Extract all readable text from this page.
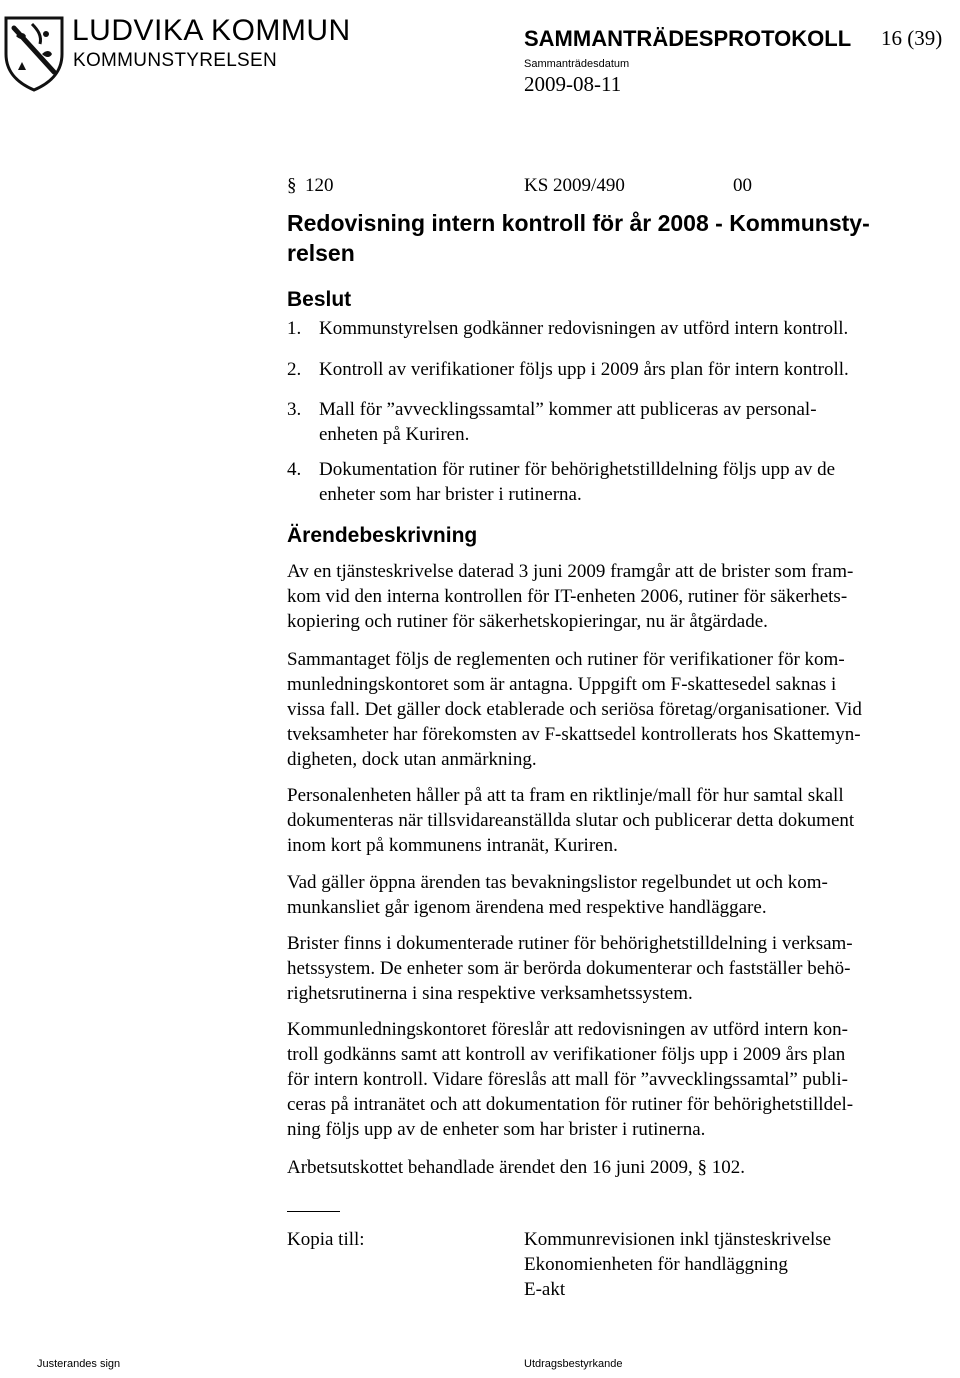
LUDVIKA KOMMUN
KOMMUNSTYRELSEN
SAMMANTRÄDESPROTOKOLL 16 (39)
Sammanträdesdatum
2009-08-11
§ 120	KS 2009/490	00
Redovisning intern kontroll för år 2008 - Kommunsty-
relsen
Beslut
1. Kommunstyrelsen godkänner redovisningen av utförd intern kontroll.
2. Kontroll av verifikationer följs upp i 2009 års plan för intern kontroll.
3. Mall för ”avvecklingssamtal” kommer att publiceras av personal-
enheten på Kuriren.
4. Dokumentation för rutiner för behörighetstilldelning följs upp av de
enheter som har brister i rutinerna.
Ärendebeskrivning
Av en tjänsteskrivelse daterad 3 juni 2009 framgår att de brister som fram-
kom vid den interna kontrollen för IT-enheten 2006, rutiner för säkerhets-
kopiering och rutiner för säkerhetskopieringar, nu är åtgärdade.
Sammantaget följs de reglementen och rutiner för verifikationer för kom-
munledningskontoret som är antagna. Uppgift om F-skattesedel saknas i
vissa fall. Det gäller dock etablerade och seriösa företag/organisationer. Vid
tveksamheter har förekomsten av F-skattsedel kontrollerats hos Skattemyn-
digheten, dock utan anmärkning.
Personalenheten håller på att ta fram en riktlinje/mall för hur samtal skall
dokumenteras när tillsvidareanställda slutar och publicerar detta dokument
inom kort på kommunens intranät, Kuriren.
Vad gäller öppna ärenden tas bevakningslistor regelbundet ut och kom-
munkansliet går igenom ärendena med respektive handläggare.
Brister finns i dokumenterade rutiner för behörighetstilldelning i verksam-
hetssystem. De enheter som är berörda dokumenterar och fastställer behö-
righetsrutinerna i sina respektive verksamhetssystem.
Kommunledningskontoret föreslår att redovisningen av utförd intern kon-
troll godkänns samt att kontroll av verifikationer följs upp i 2009 års plan
för intern kontroll. Vidare föreslås att mall för ”avvecklingssamtal” publi-
ceras på intranätet och att dokumentation för rutiner för behörighetstilldel-
ning följs upp av de enheter som har brister i rutinerna.
Arbetsutskottet behandlade ärendet den 16 juni 2009, § 102.
Kopia till:	Kommunrevisionen inkl tjänsteskrivelse
Ekonomienheten för handläggning
E-akt
Justerandes sign	Utdragsbestyrkande
